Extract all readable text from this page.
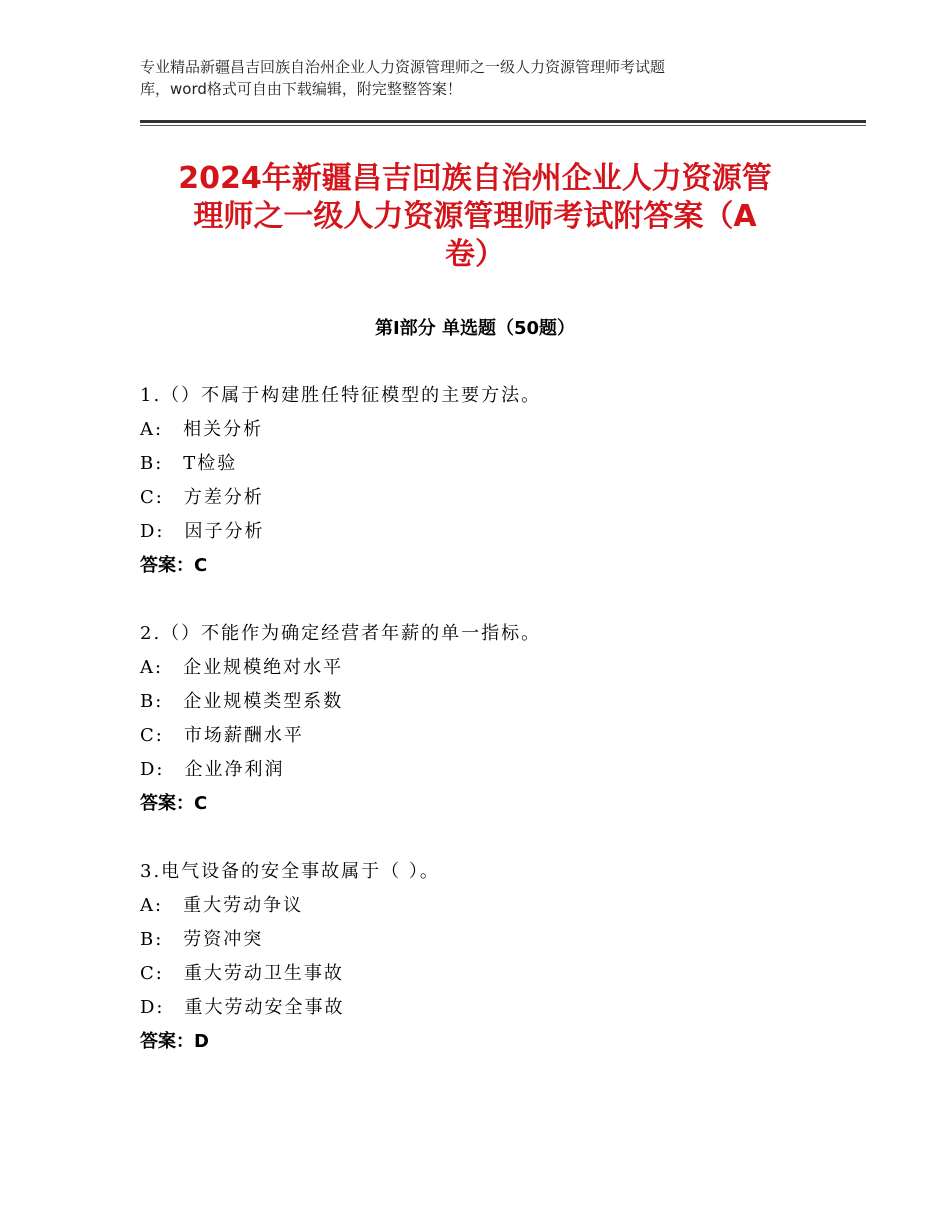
专业精品新疆昌吉回族自治州企业人力资源管理师之一级人力资源管理师考试题
库，word格式可自由下载编辑，附完整整答案！
2024年新疆昌吉回族自治州企业人力资源管
理师之一级人力资源管理师考试附答案（A
卷）
第Ⅰ部分 单选题（50题）
1.（）不属于构建胜任特征模型的主要方法。
A:　相关分析
B:　T检验
C:　方差分析
D:　因子分析
答案：C
2.（）不能作为确定经营者年薪的单一指标。
A:　企业规模绝对水平
B:　企业规模类型系数
C:　市场薪酬水平
D:　企业净利润
答案：C
3.电气设备的安全事故属于（ ）。
A:　重大劳动争议
B:　劳资冲突
C:　重大劳动卫生事故
D:　重大劳动安全事故
答案：D
